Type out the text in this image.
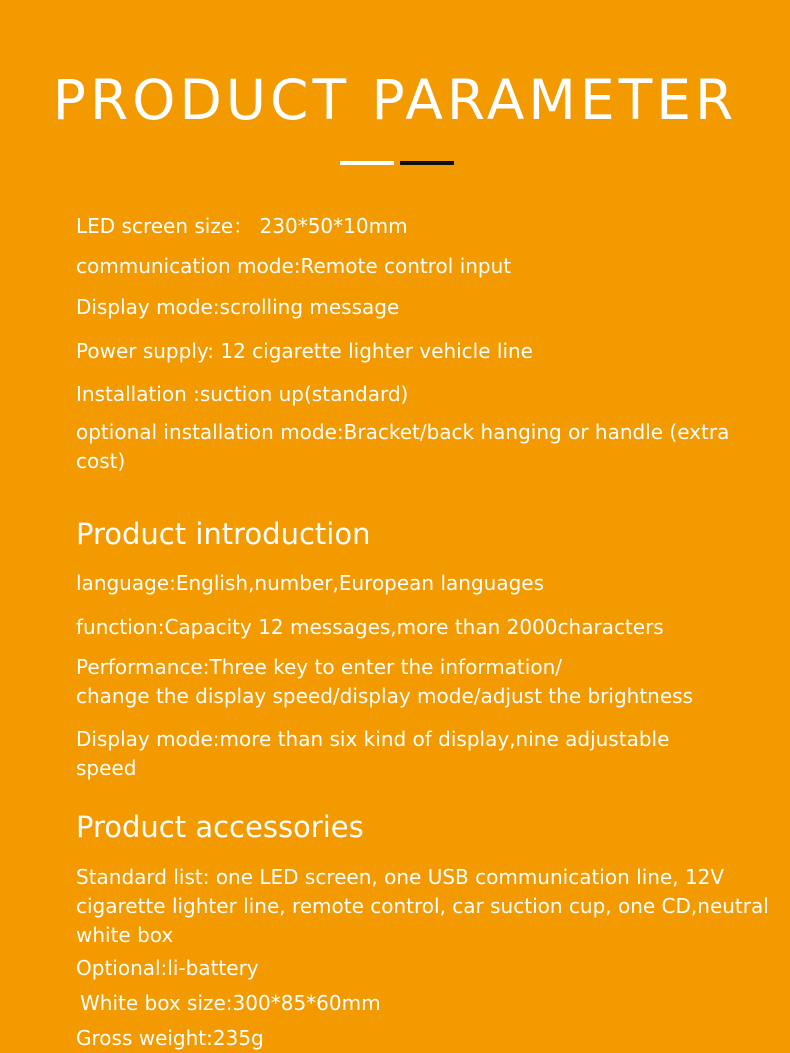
PRODUCT PARAMETER
LED screen size： 230*50*10mm
communication mode:Remote control input
Display mode:scrolling message
Power supply: 12 cigarette lighter vehicle line
Installation :suction up(standard)
optional installation mode:Bracket/back hanging or handle (extra cost)
Product introduction
language:English,number,European languages
function:Capacity 12 messages,more than 2000characters
Performance:Three key to enter the information/
change the display speed/display mode/adjust the brightness
Display mode:more than six kind of display,nine adjustable speed
Product accessories
Standard list: one LED screen, one USB communication line, 12V cigarette lighter line, remote control, car suction cup, one CD,neutral white box
Optional:li-battery
White box size:300*85*60mm
Gross weight:235g
